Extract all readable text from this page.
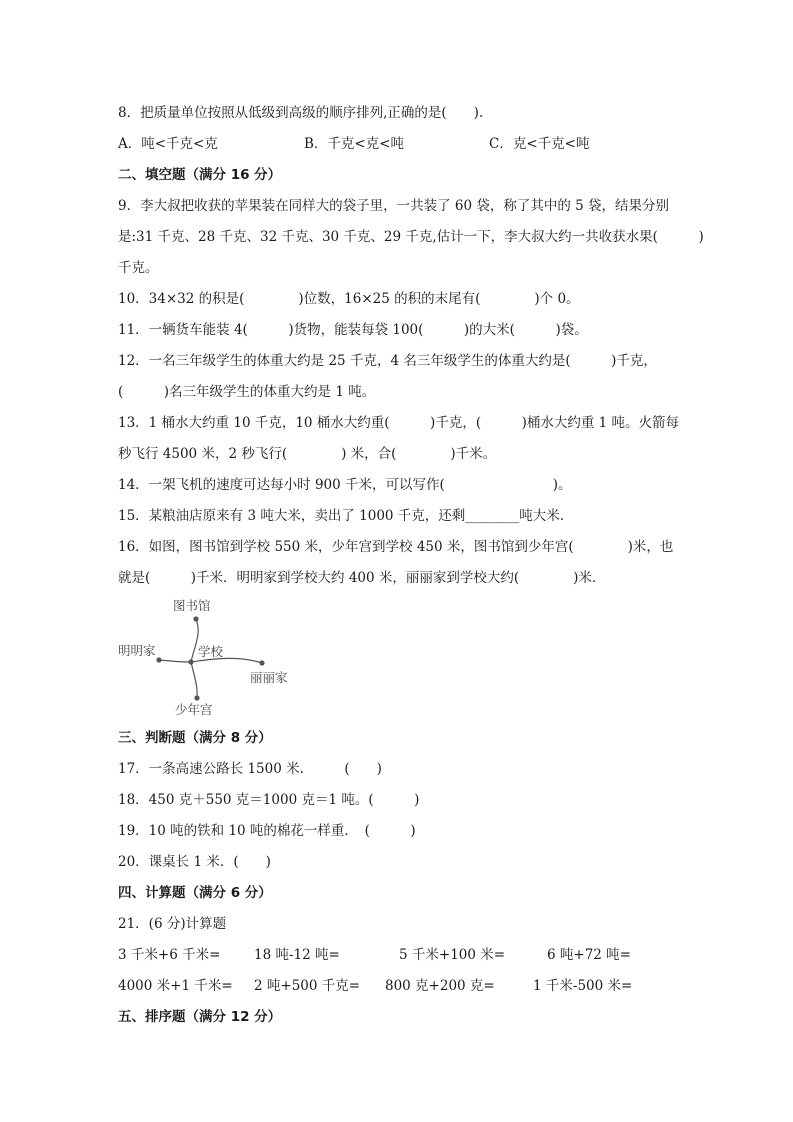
8．把质量单位按照从低级到高级的顺序排列,正确的是(　　).
A．吨<千克<克	B．千克<克<吨	C．克<千克<吨
二、填空题（满分 16 分）
9．李大叔把收获的苹果装在同样大的袋子里，一共装了 60 袋，称了其中的 5 袋，结果分别
是:31 千克、28 千克、32 千克、30 千克、29 千克,估计一下，李大叔大约一共收获水果(　　　)
千克。
10．34×32 的积是(　　　　)位数，16×25 的积的末尾有(　　　　)个 0。
11．一辆货车能装 4(　　　)货物，能装每袋 100(　　　)的大米(　　　)袋。
12．一名三年级学生的体重大约是 25 千克，4 名三年级学生的体重大约是(　　　)千克，
(　　　)名三年级学生的体重大约是 1 吨。
13．1 桶水大约重 10 千克，10 桶水大约重(　　　)千克，(　　　)桶水大约重 1 吨。火箭每
秒飞行 4500 米，2 秒飞行(　　　　) 米，合(　　　　)千米。
14．一架飞机的速度可达每小时 900 千米，可以写作(　　　　　　　　)。
15．某粮油店原来有 3 吨大米，卖出了 1000 千克，还剩________吨大米.
16．如图，图书馆到学校 550 米，少年宫到学校 450 米，图书馆到少年宫(　　　　)米，也
就是(　　　)千米．明明家到学校大约 400 米，丽丽家到学校大约(　　　　)米．
图书馆
明明家	学校
丽丽家
少年宫
三、判断题（满分 8 分）
17．一条高速公路长 1500 米.　　　(　　)
18．450 克＋550 克＝1000 克＝1 吨。(　　　)
19．10 吨的铁和 10 吨的棉花一样重．　(　　　)
20．课桌长 1 米．(　　)
四、计算题（满分 6 分）
21．(6 分)计算题
3 千米+6 千米= 18 吨-12 吨=	5 千米+100 米=	6 吨+72 吨=
4000 米+1 千米= 2 吨+500 千克= 800 克+200 克=	1 千米-500 米=
五、排序题（满分 12 分）
